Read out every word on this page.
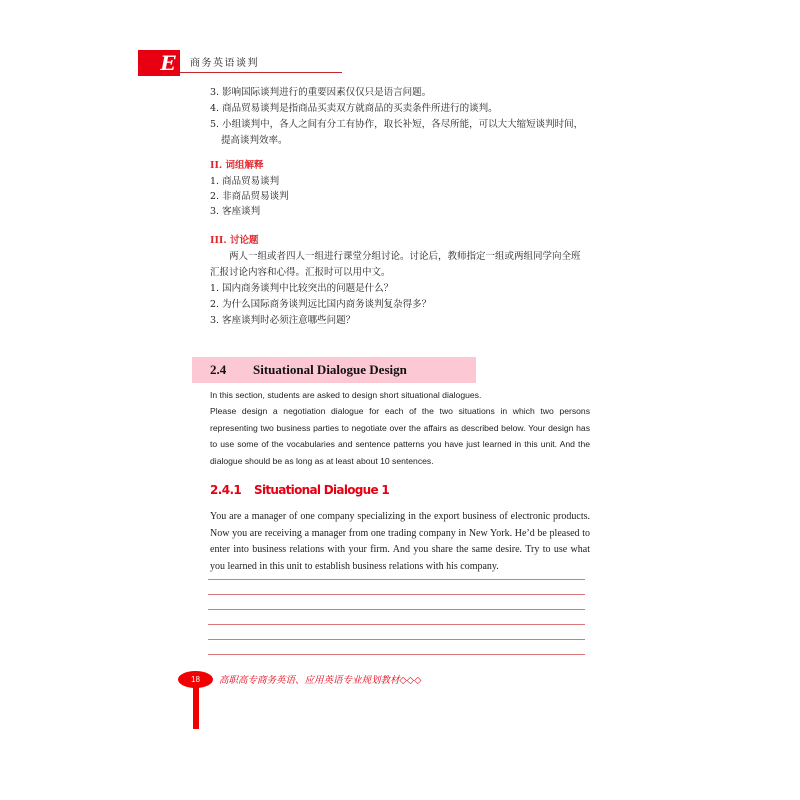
E	商务英语谈判
3. 影响国际谈判进行的重要因素仅仅只是语言问题。
4. 商品贸易谈判是指商品买卖双方就商品的买卖条件所进行的谈判。
5. 小组谈判中，各人之间有分工有协作，取长补短，各尽所能，可以大大缩短谈判时间，
提高谈判效率。
II. 词组解释
1. 商品贸易谈判
2. 非商品贸易谈判
3. 客座谈判
III. 讨论题
两人一组或者四人一组进行课堂分组讨论。讨论后，教师指定一组或两组同学向全班
汇报讨论内容和心得。汇报时可以用中文。
1. 国内商务谈判中比较突出的问题是什么？
2. 为什么国际商务谈判远比国内商务谈判复杂得多？
3. 客座谈判时必须注意哪些问题？
2.4 Situational Dialogue Design
In this section, students are asked to design short situational dialogues.
Please design a negotiation dialogue for each of the two situations in which two persons representing two business parties to negotiate over the affairs as described below. Your design has to use some of the vocabularies and sentence patterns you have just learned in this unit. And the dialogue should be as long as at least about 10 sentences.
2.4.1 Situational Dialogue 1
You are a manager of one company specializing in the export business of electronic products. Now you are receiving a manager from one trading company in New York. He’d be pleased to enter into business relations with your firm. And you share the same desire. Try to use what you learned in this unit to establish business relations with his company.
18	高职高专商务英语、应用英语专业规划教材◇◇◇
